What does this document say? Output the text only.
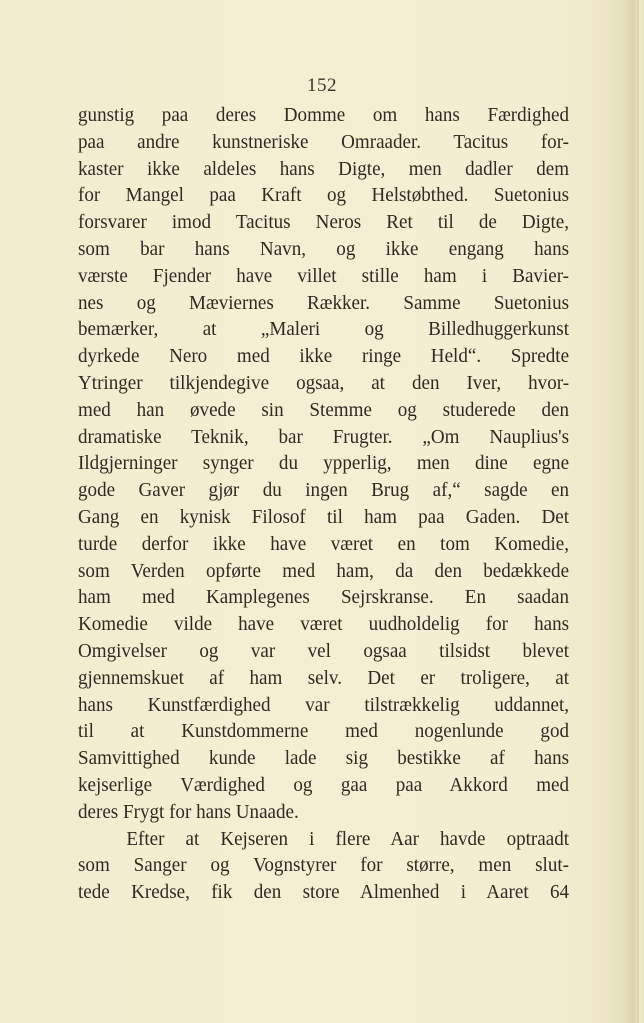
152
gunstig paa deres Domme om hans Færdighed
paa andre kunstneriske Omraader. Tacitus for-
kaster ikke aldeles hans Digte, men dadler dem
for Mangel paa Kraft og Helstøbthed. Suetonius
forsvarer imod Tacitus Neros Ret til de Digte,
som bar hans Navn, og ikke engang hans
værste Fjender have villet stille ham i Bavier-
nes og Mæviernes Rækker. Samme Suetonius
bemærker, at „Maleri og Billedhuggerkunst
dyrkede Nero med ikke ringe Held“. Spredte
Ytringer tilkjendegive ogsaa, at den Iver, hvor-
med han øvede sin Stemme og studerede den
dramatiske Teknik, bar Frugter. „Om Nauplius's
Ildgjerninger synger du ypperlig, men dine egne
gode Gaver gjør du ingen Brug af,“ sagde en
Gang en kynisk Filosof til ham paa Gaden. Det
turde derfor ikke have været en tom Komedie,
som Verden opførte med ham, da den bedækkede
ham med Kamplegenes Sejrskranse. En saadan
Komedie vilde have været uudholdelig for hans
Omgivelser og var vel ogsaa tilsidst blevet
gjennemskuet af ham selv. Det er troligere, at
hans Kunstfærdighed var tilstrækkelig uddannet,
til at Kunstdommerne med nogenlunde god
Samvittighed kunde lade sig bestikke af hans
kejserlige Værdighed og gaa paa Akkord med
deres Frygt for hans Unaade.
Efter at Kejseren i flere Aar havde optraadt
som Sanger og Vognstyrer for større, men slut-
tede Kredse, fik den store Almenhed i Aaret 64
